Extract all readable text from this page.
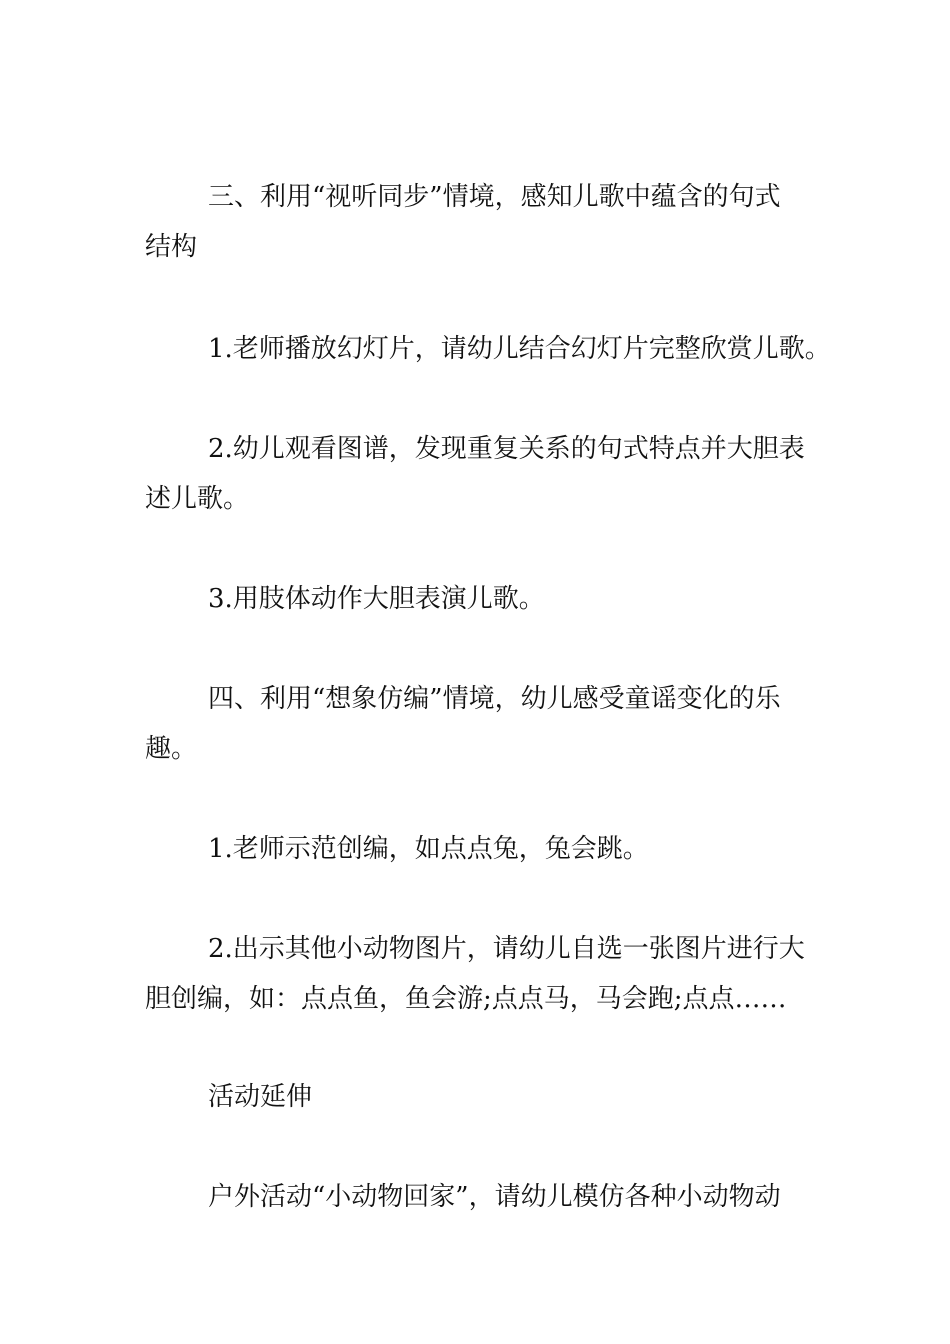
三、利用“视听同步”情境，感知儿歌中蕴含的句式
结构

1.老师播放幻灯片，请幼儿结合幻灯片完整欣赏儿歌。

2.幼儿观看图谱，发现重复关系的句式特点并大胆表
述儿歌。

3.用肢体动作大胆表演儿歌。

四、利用“想象仿编”情境，幼儿感受童谣变化的乐
趣。

1.老师示范创编，如点点兔，兔会跳。

2.出示其他小动物图片，请幼儿自选一张图片进行大
胆创编，如：点点鱼，鱼会游;点点马，马会跑;点点……

活动延伸

户外活动“小动物回家”，请幼儿模仿各种小动物动
